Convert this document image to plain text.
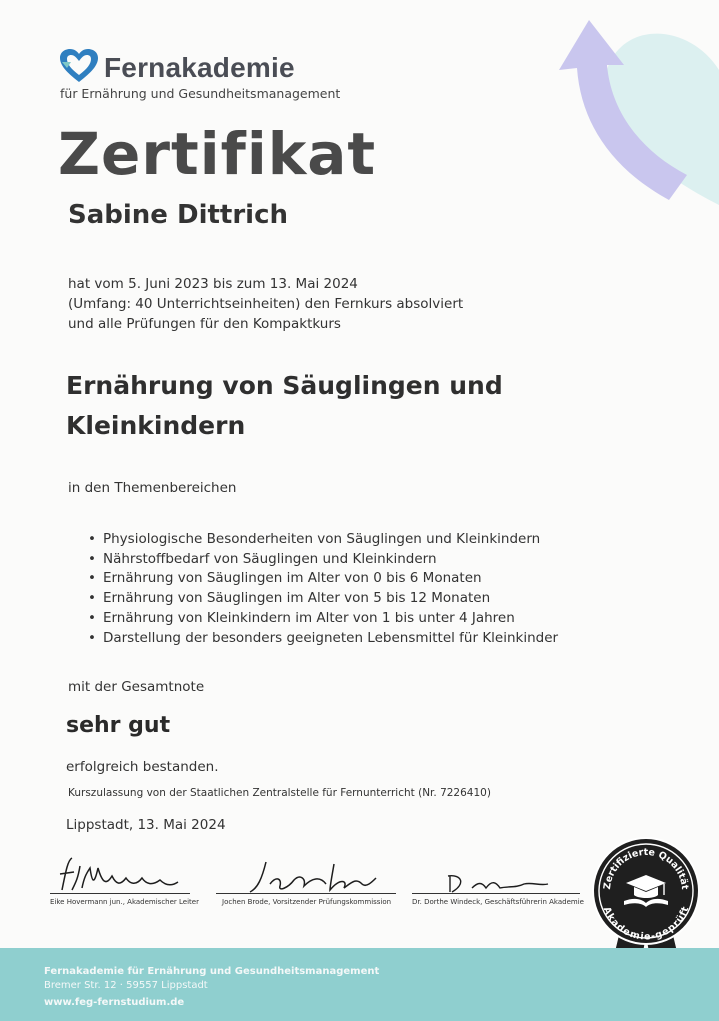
Fernakademie
für Ernährung und Gesundheitsmanagement
Zertifikat
Sabine Dittrich
hat vom 5. Juni 2023 bis zum 13. Mai 2024
(Umfang: 40 Unterrichtseinheiten) den Fernkurs absolviert
und alle Prüfungen für den Kompaktkurs
Ernährung von Säuglingen und
Kleinkindern
in den Themenbereichen
• Physiologische Besonderheiten von Säuglingen und Kleinkindern
• Nährstoffbedarf von Säuglingen und Kleinkindern
• Ernährung von Säuglingen im Alter von 0 bis 6 Monaten
• Ernährung von Säuglingen im Alter von 5 bis 12 Monaten
• Ernährung von Kleinkindern im Alter von 1 bis unter 4 Jahren
• Darstellung der besonders geeigneten Lebensmittel für Kleinkinder
mit der Gesamtnote
sehr gut
erfolgreich bestanden.
Kurszulassung von der Staatlichen Zentralstelle für Fernunterricht (Nr. 7226410)
Lippstadt, 13. Mai 2024
Eike Hovermann jun., Akademischer Leiter	Jochen Brode, Vorsitzender Prüfungskommission	Dr. Dorthe Windeck, Geschäftsführerin Akademie
Zertifizierte Qualität
Akademie-geprüft
Fernakademie für Ernährung und Gesundheitsmanagement
Bremer Str. 12 · 59557 Lippstadt
www.feg-fernstudium.de
